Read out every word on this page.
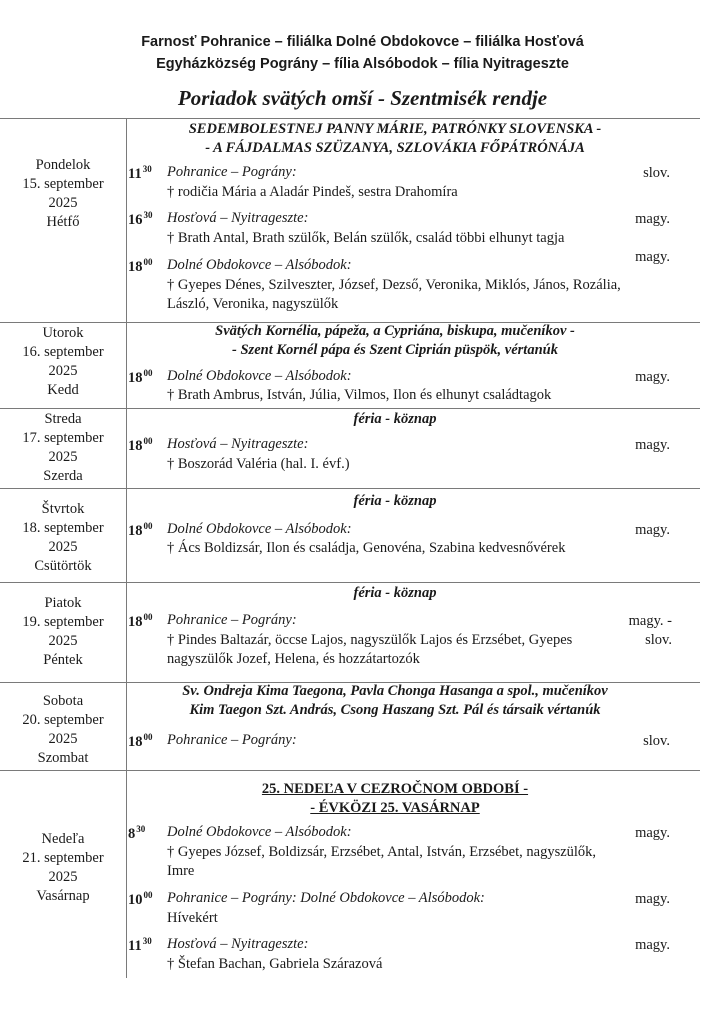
Farnosť Pohranice – filiálka Dolné Obdokovce – filiálka Hosťová
Egyházközség Pográny – fília Alsóbodok – fília Nyitrageszte
Poriadok svätých omší - Szentmisék rendje
Pondelok
15. september
2025
Hétfő
SEDEMBOLESTNEJ PANNY MÁRIE, PATRÓNKY SLOVENSKA -
- A FÁJDALMAS SZÜZANYA, SZLOVÁKIA FŐPÁTRÓNÁJA
$11^{30}$	Pohranice – Pográny:
† rodičia Mária a Aladár Pindeš, sestra Drahomíra
slov.
$16^{30}$	Hosťová – Nyitrageszte:
† Brath Antal, Brath szülők, Belán szülők, család többi elhunyt tagja
magy.
$18^{00}$	Dolné Obdokovce – Alsóbodok:
† Gyepes Dénes, Szilveszter, József, Dezső, Veronika, Miklós, János, Rozália, László, Veronika, nagyszülők
magy.
Utorok
16. september
2025
Kedd
Svätých Kornélia, pápeža, a Cypriána, biskupa, mučeníkov -
- Szent Kornél pápa és Szent Ciprián püspök, vértanúk
$18^{00}$	Dolné Obdokovce – Alsóbodok:
† Brath Ambrus, István, Júlia, Vilmos, Ilon és elhunyt családtagok
magy.
Streda
17. september
2025
Szerda
féria - köznap
$18^{00}$	Hosťová – Nyitrageszte:
† Boszorád Valéria (hal. I. évf.)
magy.
Štvrtok
18. september
2025
Csütörtök
féria - köznap
$18^{00}$	Dolné Obdokovce – Alsóbodok:
† Ács Boldizsár, Ilon és családja, Genovéna, Szabina kedvesnővérek
magy.
Piatok
19. september
2025
Péntek
féria - köznap
$18^{00}$	Pohranice – Pográny:
† Pindes Baltazár, öccse Lajos, nagyszülők Lajos és Erzsébet, Gyepes nagyszülők Jozef, Helena, és hozzátartozók
magy. - slov.
Sobota
20. september
2025
Szombat
Sv. Ondreja Kima Taegona, Pavla Chonga Hasanga a spol., mučeníkov
Kim Taegon Szt. András, Csong Haszang Szt. Pál és társaik vértanúk
$18^{00}$	Pohranice – Pográny:	slov.
Nedeľa
21. september
2025
Vasárnap
25. NEDEĽA V CEZROČNOM OBDOBÍ -
- ÉVKÖZI 25. VASÁRNAP
$8^{30}$	Dolné Obdokovce – Alsóbodok:
† Gyepes József, Boldizsár, Erzsébet, Antal, István, Erzsébet, nagyszülők, Imre
magy.
$10^{00}$	Pohranice – Pográny: Dolné Obdokovce – Alsóbodok:
Hívekért
magy.
$11^{30}$	Hosťová – Nyitrageszte:
† Štefan Bachan, Gabriela Szárazová
magy.
